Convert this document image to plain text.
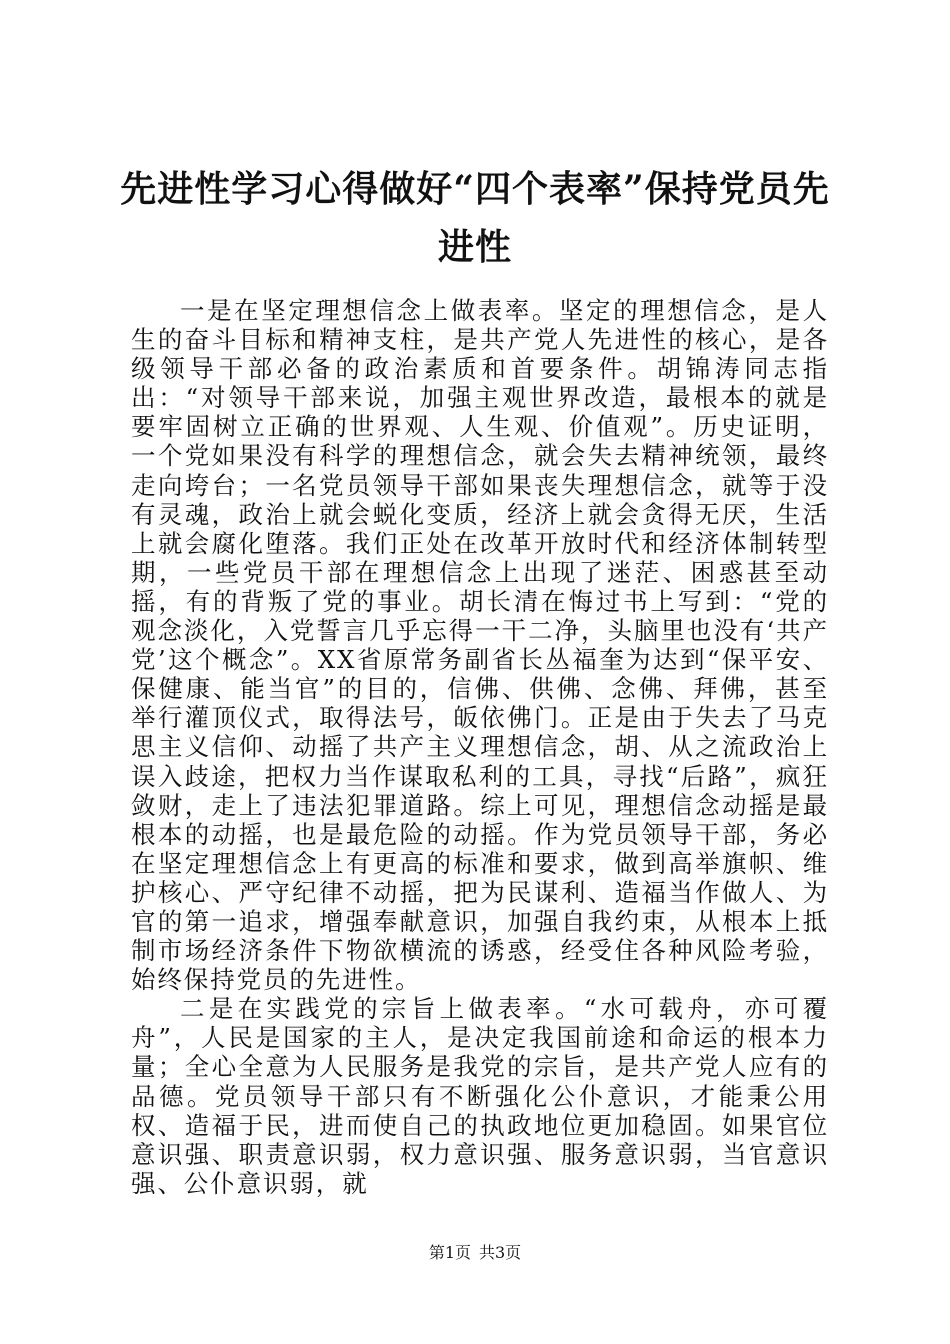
先进性学习心得做好“四个表率”保持党员先进性

一是在坚定理想信念上做表率。坚定的理想信念，是人生的奋斗目标和精神支柱，是共产党人先进性的核心，是各级领导干部必备的政治素质和首要条件。胡锦涛同志指出：“对领导干部来说，加强主观世界改造，最根本的就是要牢固树立正确的世界观、人生观、价值观”。历史证明，一个党如果没有科学的理想信念，就会失去精神统领，最终走向垮台；一名党员领导干部如果丧失理想信念，就等于没有灵魂，政治上就会蜕化变质，经济上就会贪得无厌，生活上就会腐化堕落。我们正处在改革开放时代和经济体制转型期，一些党员干部在理想信念上出现了迷茫、困惑甚至动摇，有的背叛了党的事业。胡长清在悔过书上写到：“党的观念淡化，入党誓言几乎忘得一干二净，头脑里也没有‘共产党’这个概念”。XX省原常务副省长丛福奎为达到“保平安、保健康、能当官”的目的，信佛、供佛、念佛、拜佛，甚至举行灌顶仪式，取得法号，皈依佛门。正是由于失去了马克思主义信仰、动摇了共产主义理想信念，胡、从之流政治上误入歧途，把权力当作谋取私利的工具，寻找“后路”，疯狂敛财，走上了违法犯罪道路。综上可见，理想信念动摇是最根本的动摇，也是最危险的动摇。作为党员领导干部，务必在坚定理想信念上有更高的标准和要求，做到高举旗帜、维护核心、严守纪律不动摇，把为民谋利、造福当作做人、为官的第一追求，增强奉献意识，加强自我约束，从根本上抵制市场经济条件下物欲横流的诱惑，经受住各种风险考验，始终保持党员的先进性。

二是在实践党的宗旨上做表率。“水可载舟，亦可覆舟”，人民是国家的主人，是决定我国前途和命运的根本力量；全心全意为人民服务是我党的宗旨，是共产党人应有的品德。党员领导干部只有不断强化公仆意识，才能秉公用权、造福于民，进而使自己的执政地位更加稳固。如果官位意识强、职责意识弱，权力意识强、服务意识弱，当官意识强、公仆意识弱，就

第1页 共3页
